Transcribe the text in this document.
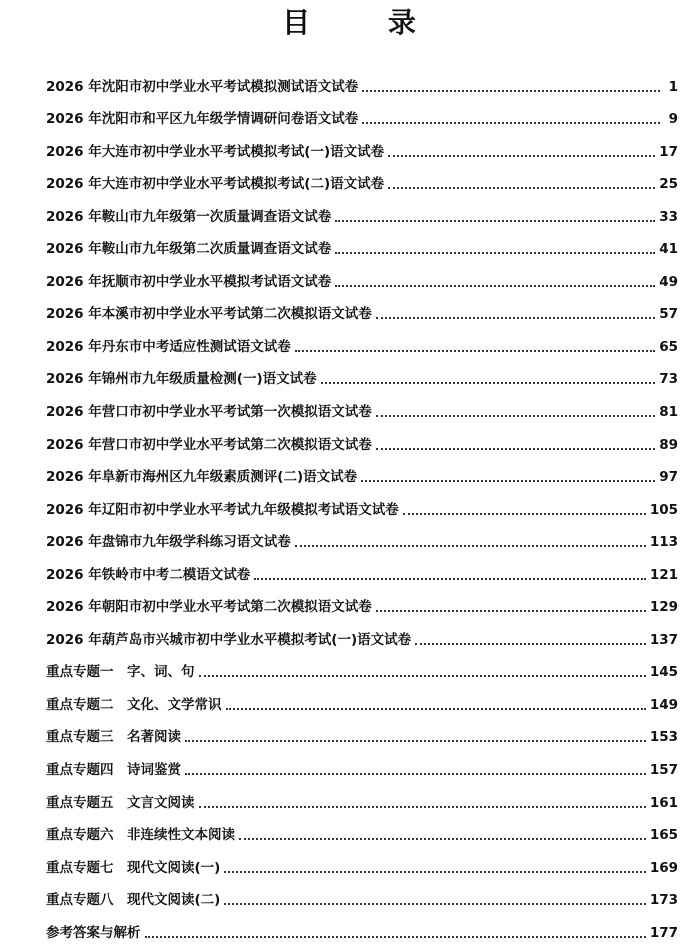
目 录
2026 年沈阳市初中学业水平考试模拟测试语文试卷	1
2026 年沈阳市和平区九年级学情调研问卷语文试卷	9
2026 年大连市初中学业水平考试模拟考试(一)语文试卷	17
2026 年大连市初中学业水平考试模拟考试(二)语文试卷	25
2026 年鞍山市九年级第一次质量调查语文试卷	33
2026 年鞍山市九年级第二次质量调查语文试卷	41
2026 年抚顺市初中学业水平模拟考试语文试卷	49
2026 年本溪市初中学业水平考试第二次模拟语文试卷	57
2026 年丹东市中考适应性测试语文试卷	65
2026 年锦州市九年级质量检测(一)语文试卷	73
2026 年营口市初中学业水平考试第一次模拟语文试卷	81
2026 年营口市初中学业水平考试第二次模拟语文试卷	89
2026 年阜新市海州区九年级素质测评(二)语文试卷	97
2026 年辽阳市初中学业水平考试九年级模拟考试语文试卷	105
2026 年盘锦市九年级学科练习语文试卷	113
2026 年铁岭市中考二模语文试卷	121
2026 年朝阳市初中学业水平考试第二次模拟语文试卷	129
2026 年葫芦岛市兴城市初中学业水平模拟考试(一)语文试卷	137
重点专题一　字、词、句	145
重点专题二　文化、文学常识	149
重点专题三　名著阅读	153
重点专题四　诗词鉴赏	157
重点专题五　文言文阅读	161
重点专题六　非连续性文本阅读	165
重点专题七　现代文阅读(一)	169
重点专题八　现代文阅读(二)	173
参考答案与解析	177
